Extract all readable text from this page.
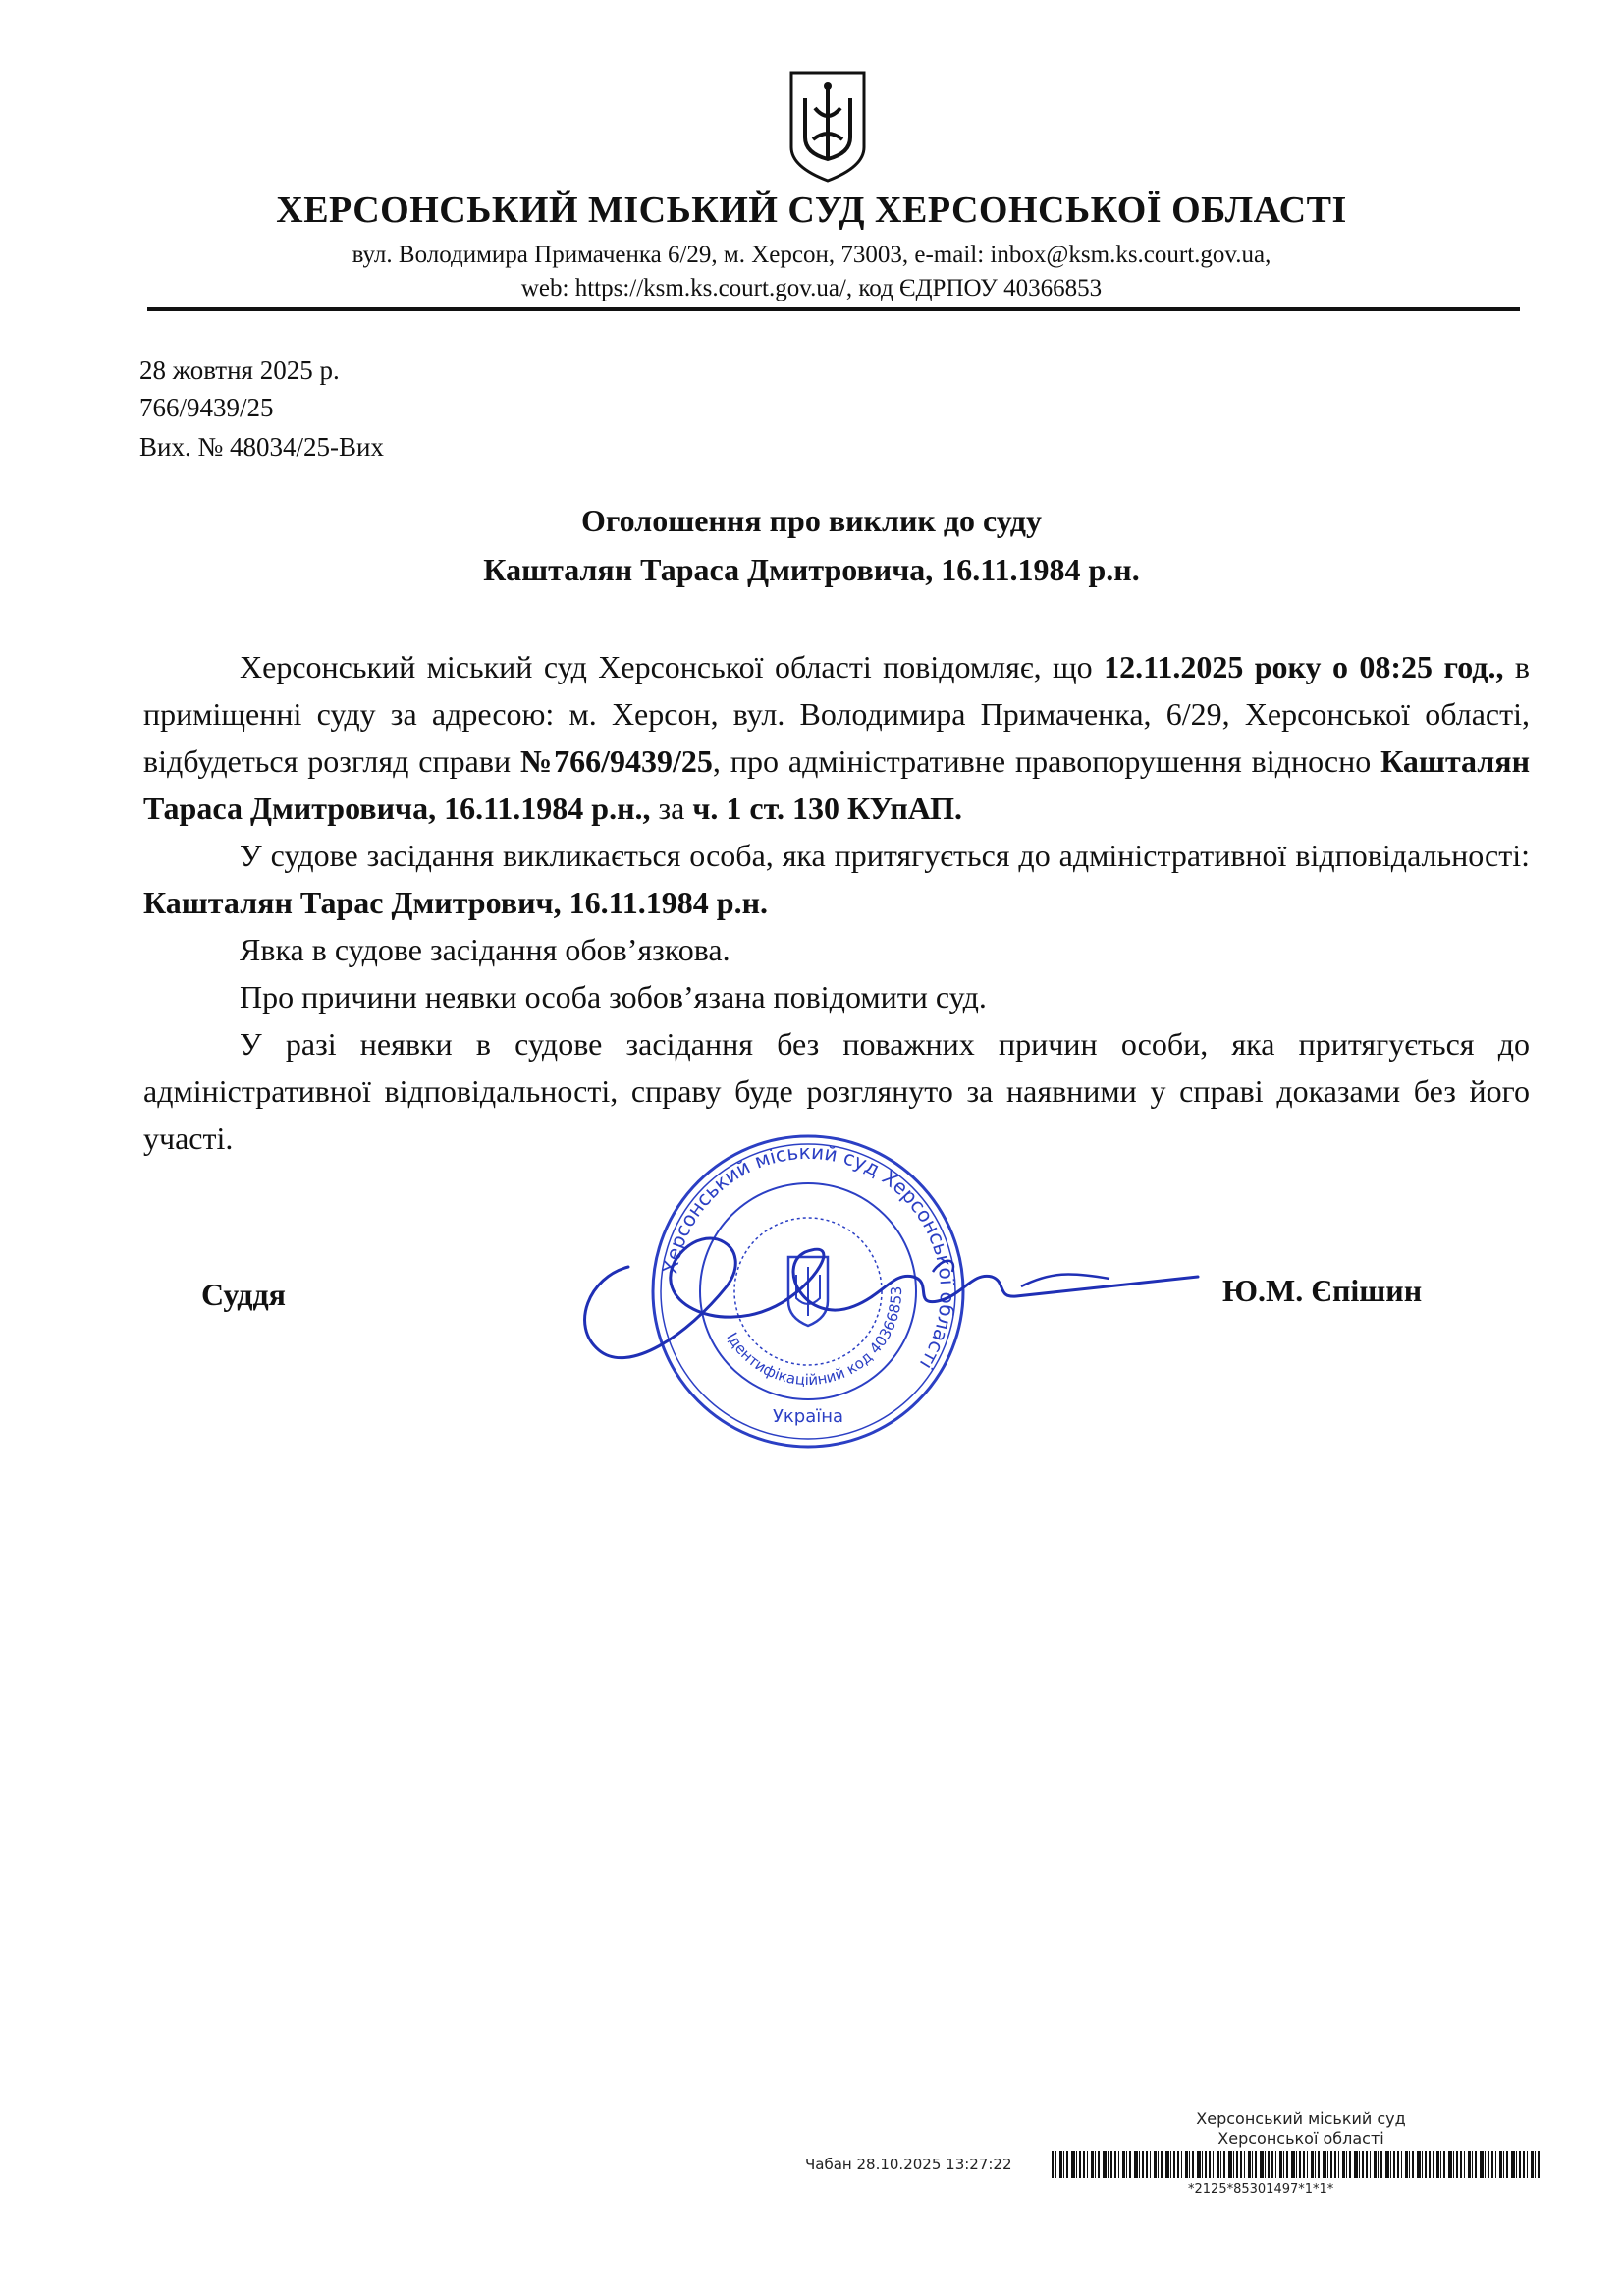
ХЕРСОНСЬКИЙ МІСЬКИЙ СУД ХЕРСОНСЬКОЇ ОБЛАСТІ
вул. Володимира Примаченка 6/29, м. Херсон, 73003, e-mail: inbox@ksm.ks.court.gov.ua,
web: https://ksm.ks.court.gov.ua/, код ЄДРПОУ 40366853
28 жовтня 2025 р.
766/9439/25
Вих. № 48034/25-Вих
Оголошення про виклик до суду
Кашталян Тараса Дмитровича, 16.11.1984 р.н.

Херсонський міський суд Херсонської області повідомляє, що 12.11.2025 року о 08:25 год., в приміщенні суду за адресою: м. Херсон, вул. Володимира Примаченка, 6/29, Херсонської області, відбудеться розгляд справи №766/9439/25, про адміністративне правопорушення відносно Кашталян Тараса Дмитровича, 16.11.1984 р.н., за ч. 1 ст. 130 КУпАП.

У судове засідання викликається особа, яка притягується до адміністративної відповідальності: Кашталян Тарас Дмитрович, 16.11.1984 р.н.

Явка в судове засідання обов’язкова.

Про причини неявки особа зобов’язана повідомити суд.

У разі неявки в судове засідання без поважних причин особи, яка притягується до адміністративної відповідальності, справу буде розглянуто за наявними у справі доказами без його участі.

Суддя	Ю.М. Єпішин
Херсонський міський суд Херсонської області
Ідентифікаційний код 40366853
Україна
Херсонський міський суд
Херсонської області
Чабан 28.10.2025 13:27:22
*2125*85301497*1*1*
